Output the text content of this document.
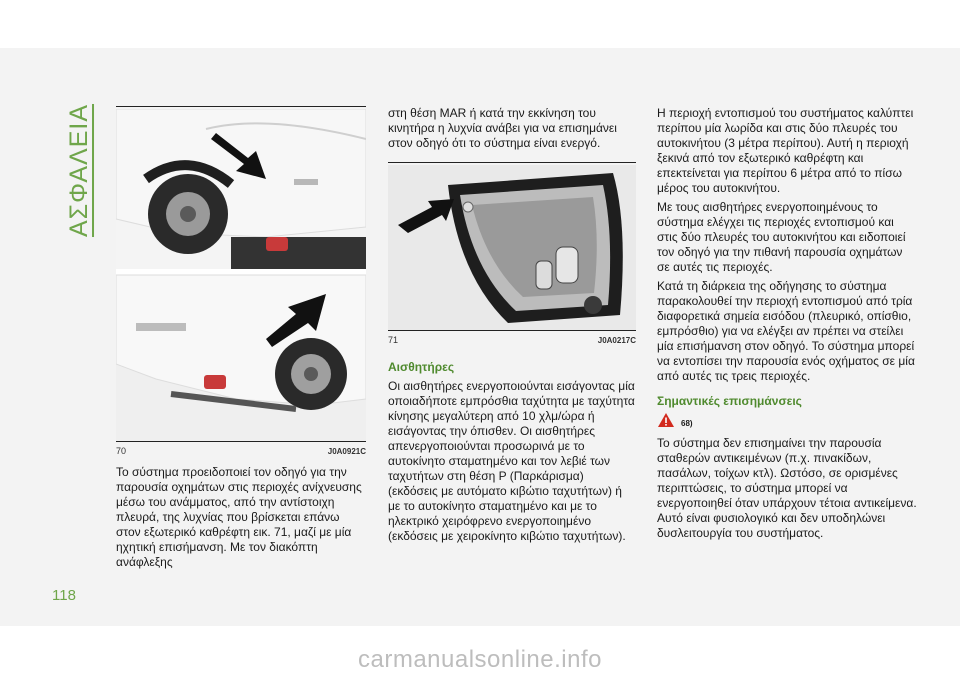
ΑΣΦΑΛΕΙΑ
70	J0A0921C

Το σύστημα προειδοποιεί τον οδηγό για την παρουσία οχημάτων στις περιοχές ανίχνευσης μέσω του ανάμματος, από την αντίστοιχη πλευρά, της λυχνίας που βρίσκεται επάνω στον εξωτερικό καθρέφτη εικ. 71, μαζί με μία ηχητική επισήμανση. Με τον διακόπτη ανάφλεξης

στη θέση MAR ή κατά την εκκίνηση του κινητήρα η λυχνία ανάβει για να επισημάνει στον οδηγό ότι το σύστημα είναι ενεργό.

71	J0A0217C
Αισθητήρες

Οι αισθητήρες ενεργοποιούνται εισάγοντας μία οποιαδήποτε εμπρόσθια ταχύτητα με ταχύτητα κίνησης μεγαλύτερη από 10 χλμ/ώρα ή εισάγοντας την όπισθεν. Οι αισθητήρες απενεργοποιούνται προσωρινά με το αυτοκίνητο σταματημένο και τον λεβιέ των ταχυτήτων στη θέση P (Παρκάρισμα) (εκδόσεις με αυτόματο κιβώτιο ταχυτήτων) ή με το αυτοκίνητο σταματημένο και με το ηλεκτρικό χειρόφρενο ενεργοποιημένο (εκδόσεις με χειροκίνητο κιβώτιο ταχυτήτων).

Η περιοχή εντοπισμού του συστήματος καλύπτει περίπου μία λωρίδα και στις δύο πλευρές του αυτοκινήτου (3 μέτρα περίπου). Αυτή η περιοχή ξεκινά από τον εξωτερικό καθρέφτη και επεκτείνεται για περίπου 6 μέτρα από το πίσω μέρος του αυτοκινήτου.

Με τους αισθητήρες ενεργοποιημένους το σύστημα ελέγχει τις περιοχές εντοπισμού και στις δύο πλευρές του αυτοκινήτου και ειδοποιεί τον οδηγό για την πιθανή παρουσία οχημάτων σε αυτές τις περιοχές.

Κατά τη διάρκεια της οδήγησης το σύστημα παρακολουθεί την περιοχή εντοπισμού από τρία διαφορετικά σημεία εισόδου (πλευρικό, οπίσθιο, εμπρόσθιο) για να ελέγξει αν πρέπει να στείλει μία επισήμανση στον οδηγό. Το σύστημα μπορεί να εντοπίσει την παρουσία ενός οχήματος σε μία από αυτές τις τρεις περιοχές.

Σημαντικές επισημάνσεις
68)

Το σύστημα δεν επισημαίνει την παρουσία σταθερών αντικειμένων (π.χ. πινακίδων, πασάλων, τοίχων κτλ). Ωστόσο, σε ορισμένες περιπτώσεις, το σύστημα μπορεί να ενεργοποιηθεί όταν υπάρχουν τέτοια αντικείμενα. Αυτό είναι φυσιολογικό και δεν υποδηλώνει δυσλειτουργία του συστήματος.

118
carmanualsonline.info
